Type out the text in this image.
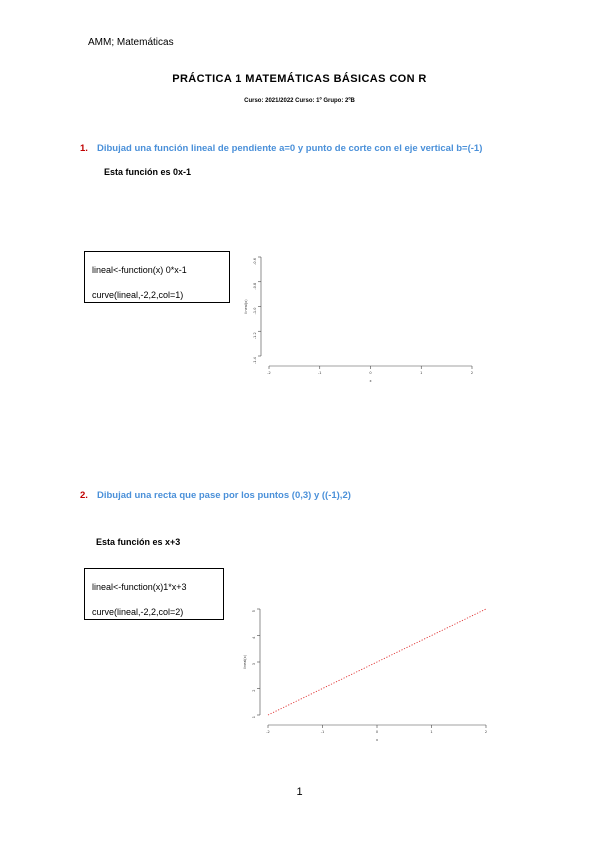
AMM; Matemáticas
PRÁCTICA 1 MATEMÁTICAS BÁSICAS CON R
Curso: 2021/2022 Curso: 1º Grupo: 2ºB
1. Dibujad una función lineal de pendiente a=0 y punto de corte con el eje vertical b=(-1)
Esta función es 0x-1
lineal<-function(x) 0*x-1
curve(lineal,-2,2,col=1)
-2	-1	0	1	2
-0.6
-0.8
-1.0
-1.2
-1.4
lineal(x)
x
2. Dibujad una recta que pase por los puntos (0,3) y ((-1),2)
Esta función es x+3
lineal<-function(x)1*x+3
curve(lineal,-2,2,col=2)
-2	-1	0	1	2
1
2
3
4
5
lineal(x)
x
1
